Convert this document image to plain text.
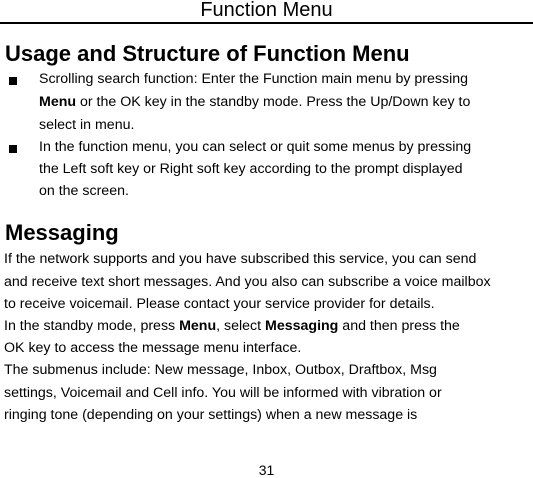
Function Menu
Usage and Structure of Function Menu
Scrolling search function: Enter the Function main menu by pressing
Menu or the OK key in the standby mode. Press the Up/Down key to
select in menu.
In the function menu, you can select or quit some menus by pressing
the Left soft key or Right soft key according to the prompt displayed
on the screen.
Messaging
If the network supports and you have subscribed this service, you can send
and receive text short messages. And you also can subscribe a voice mailbox
to receive voicemail. Please contact your service provider for details.
In the standby mode, press Menu, select Messaging and then press the
OK key to access the message menu interface.
The submenus include: New message, Inbox, Outbox, Draftbox, Msg
settings, Voicemail and Cell info. You will be informed with vibration or
ringing tone (depending on your settings) when a new message is
31
